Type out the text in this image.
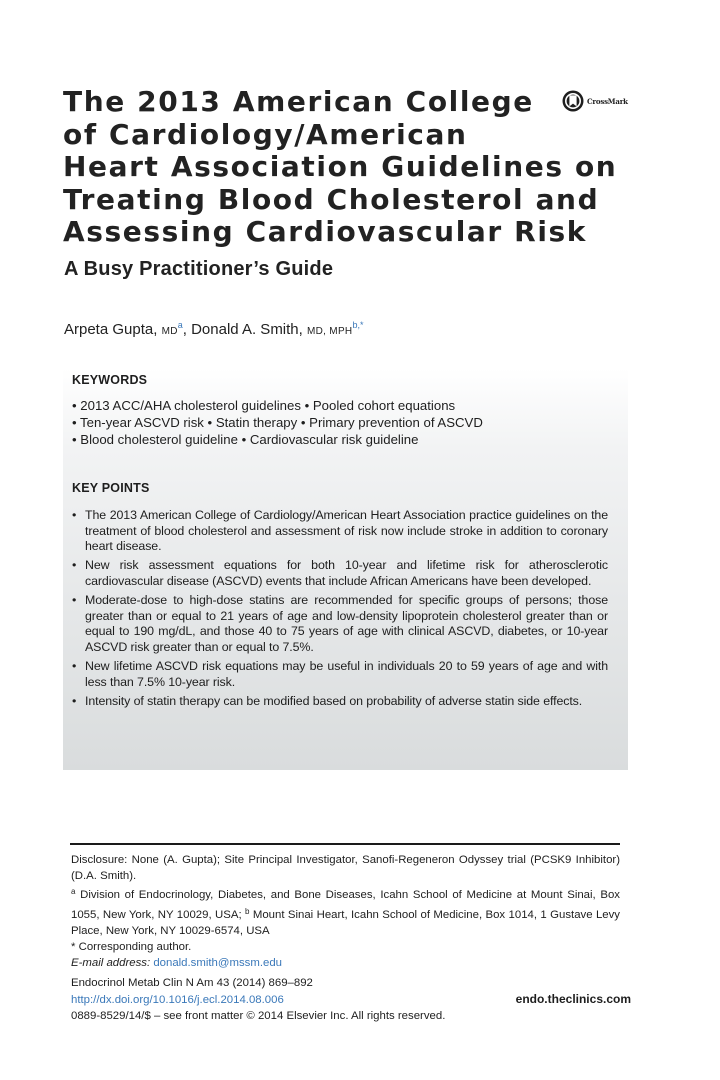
The 2013 American College
of Cardiology/American
Heart Association Guidelines on
Treating Blood Cholesterol and
Assessing Cardiovascular Risk
CrossMark
A Busy Practitioner’s Guide
Arpeta Gupta, $MD^a$, Donald A. Smith, MD, $MPH^{b,*}$
KEYWORDS
• 2013 ACC/AHA cholesterol guidelines • Pooled cohort equations
• Ten-year ASCVD risk • Statin therapy • Primary prevention of ASCVD
• Blood cholesterol guideline • Cardiovascular risk guideline
KEY POINTS
• The 2013 American College of Cardiology/American Heart Association practice guidelines on the treatment of blood cholesterol and assessment of risk now include stroke in addition to coronary heart disease.
• New risk assessment equations for both 10-year and lifetime risk for atherosclerotic cardiovascular disease (ASCVD) events that include African Americans have been developed.
• Moderate-dose to high-dose statins are recommended for specific groups of persons; those greater than or equal to 21 years of age and low-density lipoprotein cholesterol greater than or equal to 190 mg/dL, and those 40 to 75 years of age with clinical ASCVD, diabetes, or 10-year ASCVD risk greater than or equal to 7.5%.
• New lifetime ASCVD risk equations may be useful in individuals 20 to 59 years of age and with less than 7.5% 10-year risk.
• Intensity of statin therapy can be modified based on probability of adverse statin side effects.
Disclosure: None (A. Gupta); Site Principal Investigator, Sanofi-Regeneron Odyssey trial (PCSK9 Inhibitor) (D.A. Smith).
$^a$ Division of Endocrinology, Diabetes, and Bone Diseases, Icahn School of Medicine at Mount Sinai, Box 1055, New York, NY 10029, USA; $^b$ Mount Sinai Heart, Icahn School of Medicine, Box 1014, 1 Gustave Levy Place, New York, NY 10029-6574, USA
* Corresponding author.
E-mail address: donald.smith@mssm.edu
Endocrinol Metab Clin N Am 43 (2014) 869–892
http://dx.doi.org/10.1016/j.ecl.2014.08.006
0889-8529/14/$ – see front matter © 2014 Elsevier Inc. All rights reserved.
endo.theclinics.com
